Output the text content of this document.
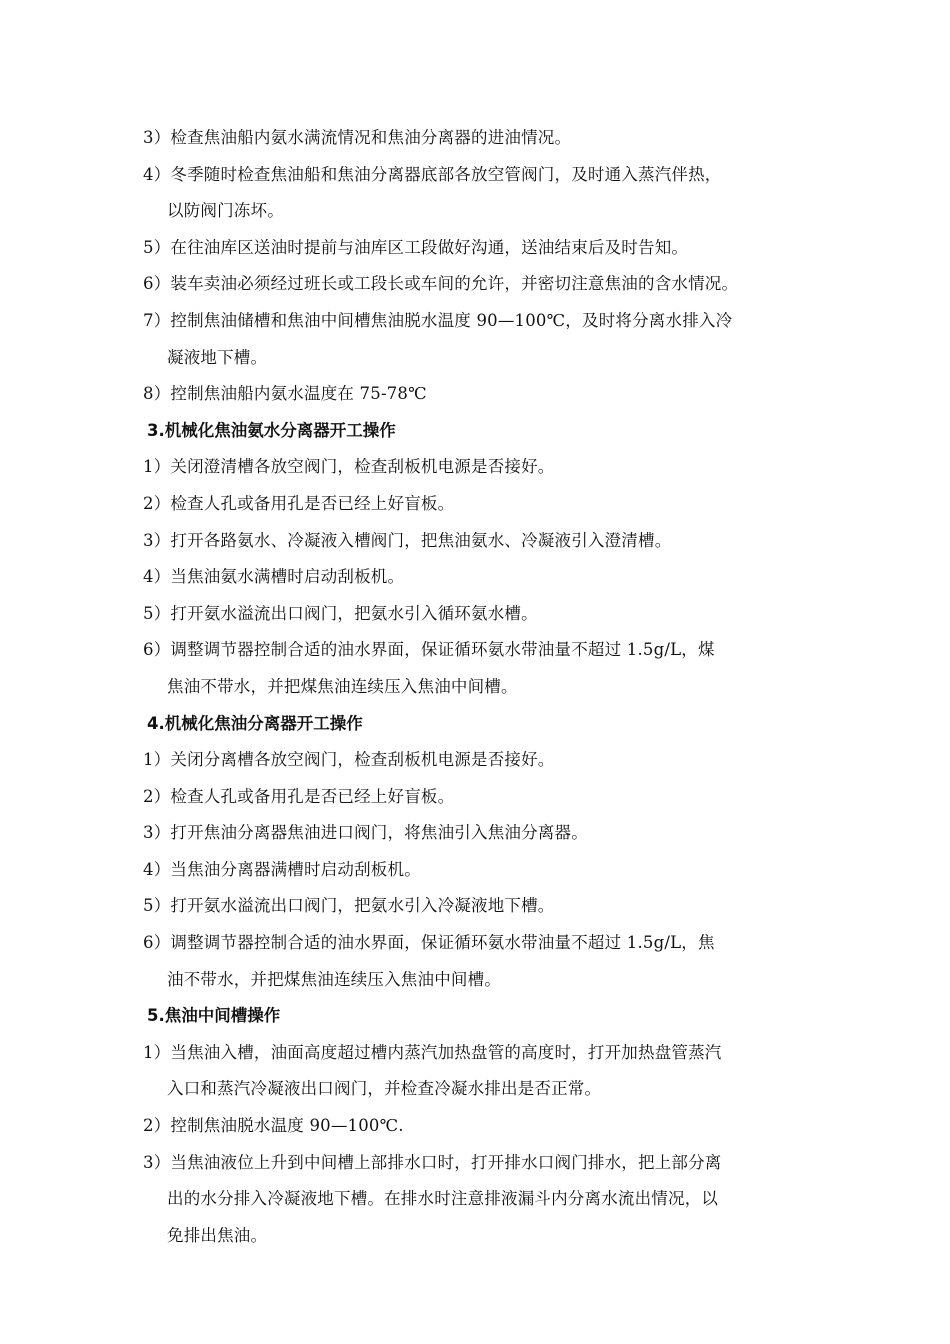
3）检查焦油船内氨水满流情况和焦油分离器的进油情况。
4）冬季随时检查焦油船和焦油分离器底部各放空管阀门，及时通入蒸汽伴热，
以防阀门冻坏。
5）在往油库区送油时提前与油库区工段做好沟通，送油结束后及时告知。
6）装车卖油必须经过班长或工段长或车间的允许，并密切注意焦油的含水情况。
7）控制焦油储槽和焦油中间槽焦油脱水温度 90—100℃，及时将分离水排入冷
凝液地下槽。
8）控制焦油船内氨水温度在 75-78℃
3.机械化焦油氨水分离器开工操作
1）关闭澄清槽各放空阀门，检查刮板机电源是否接好。
2）检查人孔或备用孔是否已经上好盲板。
3）打开各路氨水、冷凝液入槽阀门，把焦油氨水、冷凝液引入澄清槽。
4）当焦油氨水满槽时启动刮板机。
5）打开氨水溢流出口阀门，把氨水引入循环氨水槽。
6）调整调节器控制合适的油水界面，保证循环氨水带油量不超过 1.5g/L，煤
焦油不带水，并把煤焦油连续压入焦油中间槽。
4.机械化焦油分离器开工操作
1）关闭分离槽各放空阀门，检查刮板机电源是否接好。
2）检查人孔或备用孔是否已经上好盲板。
3）打开焦油分离器焦油进口阀门，将焦油引入焦油分离器。
4）当焦油分离器满槽时启动刮板机。
5）打开氨水溢流出口阀门，把氨水引入冷凝液地下槽。
6）调整调节器控制合适的油水界面，保证循环氨水带油量不超过 1.5g/L，焦
油不带水，并把煤焦油连续压入焦油中间槽。
5.焦油中间槽操作
1）当焦油入槽，油面高度超过槽内蒸汽加热盘管的高度时，打开加热盘管蒸汽
入口和蒸汽冷凝液出口阀门，并检查冷凝水排出是否正常。
2）控制焦油脱水温度 90—100℃.
3）当焦油液位上升到中间槽上部排水口时，打开排水口阀门排水，把上部分离
出的水分排入冷凝液地下槽。在排水时注意排液漏斗内分离水流出情况，以
免排出焦油。
